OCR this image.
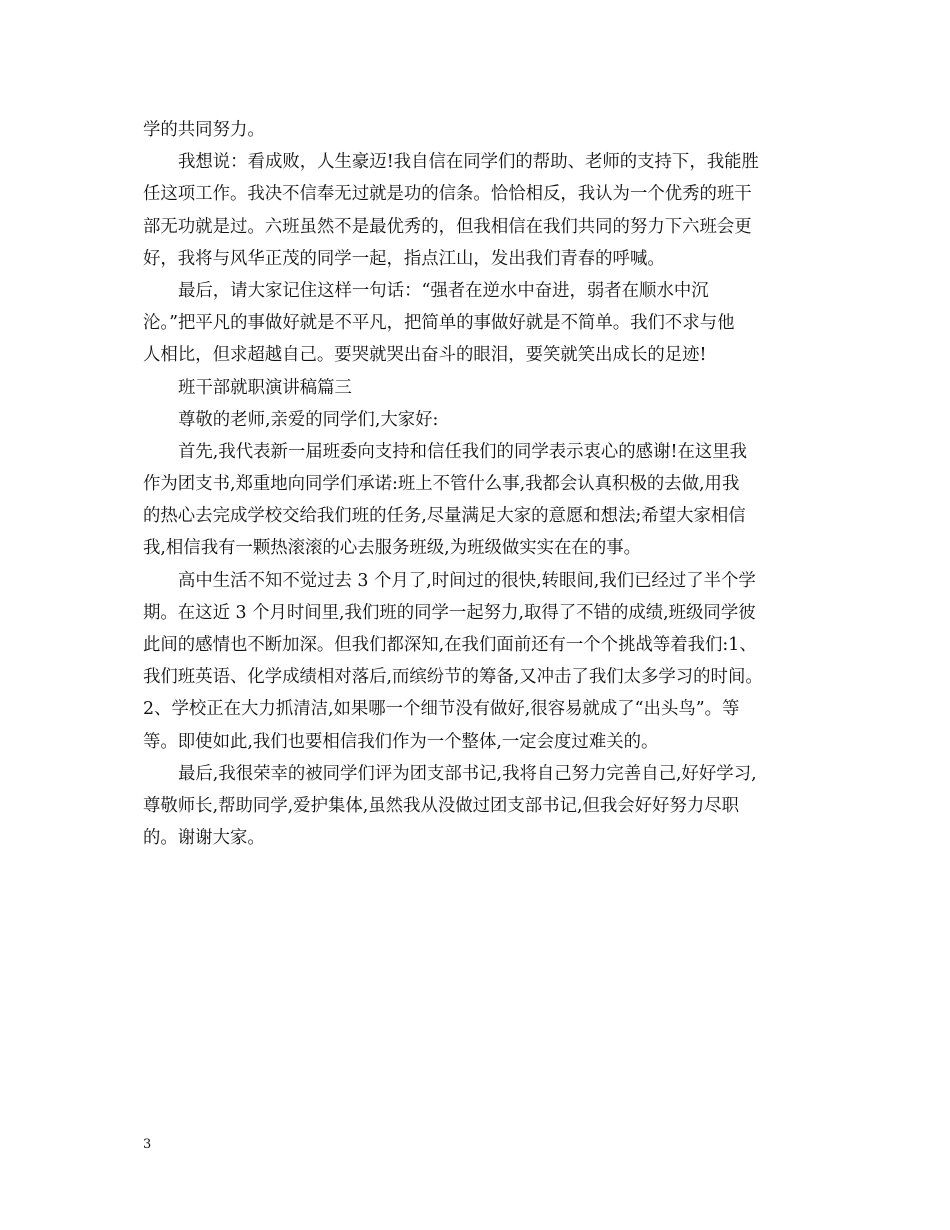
学的共同努力。
我想说：看成败，人生豪迈!我自信在同学们的帮助、老师的支持下，我能胜
任这项工作。我决不信奉无过就是功的信条。恰恰相反，我认为一个优秀的班干
部无功就是过。六班虽然不是最优秀的，但我相信在我们共同的努力下六班会更
好，我将与风华正茂的同学一起，指点江山，发出我们青春的呼喊。
最后，请大家记住这样一句话：“强者在逆水中奋进，弱者在顺水中沉
沦。”把平凡的事做好就是不平凡，把简单的事做好就是不简单。我们不求与他
人相比，但求超越自己。要哭就哭出奋斗的眼泪，要笑就笑出成长的足迹!
班干部就职演讲稿篇三
尊敬的老师,亲爱的同学们,大家好:
首先,我代表新一届班委向支持和信任我们的同学表示衷心的感谢!在这里我
作为团支书,郑重地向同学们承诺:班上不管什么事,我都会认真积极的去做,用我
的热心去完成学校交给我们班的任务,尽量满足大家的意愿和想法;希望大家相信
我,相信我有一颗热滚滚的心去服务班级,为班级做实实在在的事。
高中生活不知不觉过去 3 个月了,时间过的很快,转眼间,我们已经过了半个学
期。在这近 3 个月时间里,我们班的同学一起努力,取得了不错的成绩,班级同学彼
此间的感情也不断加深。但我们都深知,在我们面前还有一个个挑战等着我们:1、
我们班英语、化学成绩相对落后,而缤纷节的筹备,又冲击了我们太多学习的时间。
2、学校正在大力抓清洁,如果哪一个细节没有做好,很容易就成了“出头鸟”。等
等。即使如此,我们也要相信我们作为一个整体,一定会度过难关的。
最后,我很荣幸的被同学们评为团支部书记,我将自己努力完善自己,好好学习,
尊敬师长,帮助同学,爱护集体,虽然我从没做过团支部书记,但我会好好努力尽职
的。谢谢大家。
3
